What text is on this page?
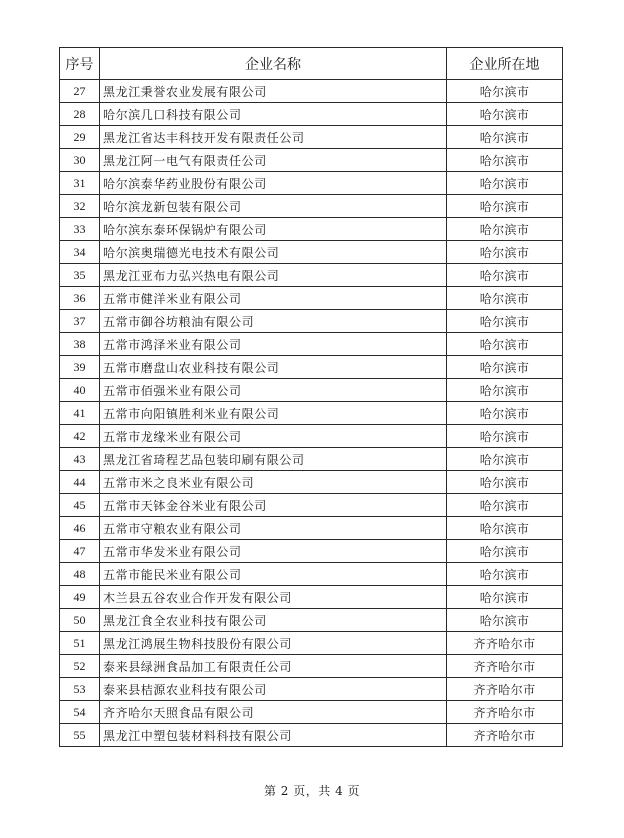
序号	企业名称	企业所在地
27	黑龙江秉誉农业发展有限公司	哈尔滨市
28	哈尔滨几口科技有限公司	哈尔滨市
29	黑龙江省达丰科技开发有限责任公司	哈尔滨市
30	黑龙江阿一电气有限责任公司	哈尔滨市
31	哈尔滨泰华药业股份有限公司	哈尔滨市
32	哈尔滨龙新包装有限公司	哈尔滨市
33	哈尔滨东泰环保锅炉有限公司	哈尔滨市
34	哈尔滨奥瑞德光电技术有限公司	哈尔滨市
35	黑龙江亚布力弘兴热电有限公司	哈尔滨市
36	五常市健洋米业有限公司	哈尔滨市
37	五常市御谷坊粮油有限公司	哈尔滨市
38	五常市鸿泽米业有限公司	哈尔滨市
39	五常市磨盘山农业科技有限公司	哈尔滨市
40	五常市佰强米业有限公司	哈尔滨市
41	五常市向阳镇胜利米业有限公司	哈尔滨市
42	五常市龙缘米业有限公司	哈尔滨市
43	黑龙江省琦程艺品包装印刷有限公司	哈尔滨市
44	五常市米之良米业有限公司	哈尔滨市
45	五常市天钵金谷米业有限公司	哈尔滨市
46	五常市守粮农业有限公司	哈尔滨市
47	五常市华发米业有限公司	哈尔滨市
48	五常市能民米业有限公司	哈尔滨市
49	木兰县五谷农业合作开发有限公司	哈尔滨市
50	黑龙江食全农业科技有限公司	哈尔滨市
51	黑龙江鸿展生物科技股份有限公司	齐齐哈尔市
52	泰来县绿洲食品加工有限责任公司	齐齐哈尔市
53	泰来县桔源农业科技有限公司	齐齐哈尔市
54	齐齐哈尔天照食品有限公司	齐齐哈尔市
55	黑龙江中塑包装材料科技有限公司	齐齐哈尔市
第 2 页，共 4 页
